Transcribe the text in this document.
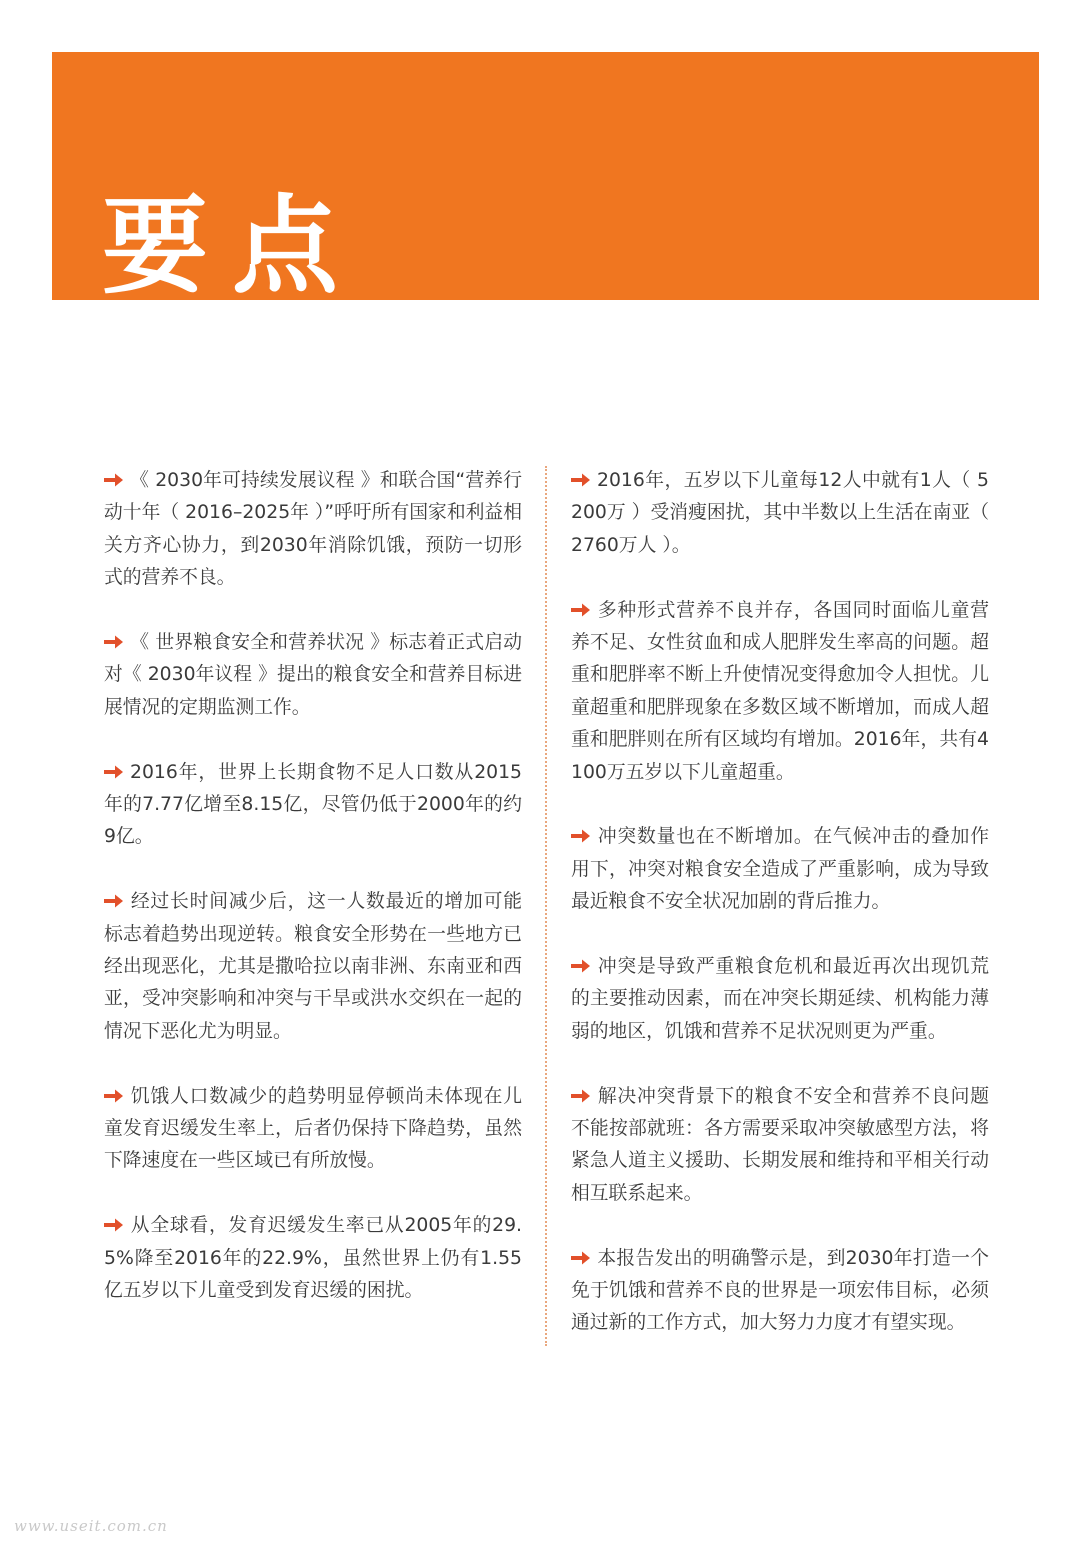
要点

《 2030年可持续发展议程 》和联合国“营养行动十年（ 2016–2025年 ）”呼吁所有国家和利益相关方齐心协力，到2030年消除饥饿，预防一切形式的营养不良。

《 世界粮食安全和营养状况 》标志着正式启动对《 2030年议程 》提出的粮食安全和营养目标进展情况的定期监测工作。

2016年，世界上长期食物不足人口数从2015年的7.77亿增至8.15亿，尽管仍低于2000年的约9亿。

经过长时间减少后，这一人数最近的增加可能标志着趋势出现逆转。粮食安全形势在一些地方已经出现恶化，尤其是撒哈拉以南非洲、东南亚和西亚，受冲突影响和冲突与干旱或洪水交织在一起的情况下恶化尤为明显。

饥饿人口数减少的趋势明显停顿尚未体现在儿童发育迟缓发生率上，后者仍保持下降趋势，虽然下降速度在一些区域已有所放慢。

从全球看，发育迟缓发生率已从2005年的29.5%降至2016年的22.9%，虽然世界上仍有1.55亿五岁以下儿童受到发育迟缓的困扰。

2016年，五岁以下儿童每12人中就有1人（ 5200万 ）受消瘦困扰，其中半数以上生活在南亚（ 2760万人 ）。

多种形式营养不良并存，各国同时面临儿童营养不足、女性贫血和成人肥胖发生率高的问题。超重和肥胖率不断上升使情况变得愈加令人担忧。儿童超重和肥胖现象在多数区域不断增加，而成人超重和肥胖则在所有区域均有增加。2016年，共有4100万五岁以下儿童超重。

冲突数量也在不断增加。在气候冲击的叠加作用下，冲突对粮食安全造成了严重影响，成为导致最近粮食不安全状况加剧的背后推力。

冲突是导致严重粮食危机和最近再次出现饥荒的主要推动因素，而在冲突长期延续、机构能力薄弱的地区，饥饿和营养不足状况则更为严重。

解决冲突背景下的粮食不安全和营养不良问题不能按部就班：各方需要采取冲突敏感型方法，将紧急人道主义援助、长期发展和维持和平相关行动相互联系起来。

本报告发出的明确警示是，到2030年打造一个免于饥饿和营养不良的世界是一项宏伟目标，必须通过新的工作方式，加大努力力度才有望实现。

www.useit.com.cn
